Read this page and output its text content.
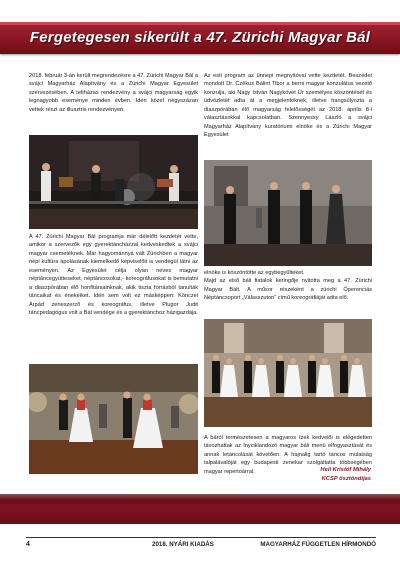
Fergetegesen sikerült a 47. Zürichi Magyar Bál

2018. február 3-án került megrendezésre a 47. Zürichi Magyar Bál a svájci Magyarház Alapítvány és a Zürichi Magyar Egyesület szervezésében. A teltházas rendezvény a svájci magyarság egyik legnagyobb eseménye minden évben. Idén közel négyszázan vettek részt az illusztris rendezvényen.

A 47. Zürichi Magyar Bál programja már délelőtt kezdetét vette, amikor a szervezők egy gyerektáncházzal kedveskedtek a svájci magyar csemetéknek. Már hagyománnyá vált Zürichben a magyar népi kultúra ápolásának kiemelkedő képviselőit is vendégül látni az eseményen. Az Egyesület célja olyan neves magyar néptáncegyütteseket, néptáncosokat,- koreográfusokat is bemutatni a diaszpórában élő honfitársainknak, akik tiszta forrásból tanulták táncaikat és énekeiket. Idén sem volt ez másképpen: Könczei Árpád zeneszerző és koreográfus, illetve Plugor Judit táncpedagógus volt a Bál vendége és a gyerektánchoz házigazdája.

Az esti program az ünnepi megnyitóval vette kezdetét. Beszédet mondott Dr. Czékus Bálint Tibor a berni magyar konzulátus vezető konzulja, aki Nagy István Nagykövet Úr személyes köszöntését és üdvözletét adta át a megjelenteknek, illetve hangsúlyozta a diaszpórában élő magyarság felelősségét az 2018. április 8-i választásokkal kapcsolatban. Szennyessy László a svájci Magyarház Alapítvány kuratóriumi elnöke és a Zürichi Magyar Egyesület

elnöke is köszöntötte az egybegyűlteket.

Majd az első báli fiatalok keringője nyitotta meg a 47. Zürichi Magyar Bált. A műsor részeként a zürichi Óperenciás Néptáncsoport „Válasszuton” című koreográfiáját adta elő.

A báról természetesen a magyaros ízek kedvelői is elégedetten távozhattak az Ínyciklandozó magyar báli menü elfogyasztását és annak letáncolását követően. A hajnalig tartó táncos mulatság talpalávalóját egy budapesti zenekar szolgáltatta többségében magyar repertoárral.	Heil Kristóf Mihály
KCSP ösztöndíjas
4	2018. NYÁRI KIADÁS	MAGYARHÁZ FÜGGETLEN HÍRMONDÓ
